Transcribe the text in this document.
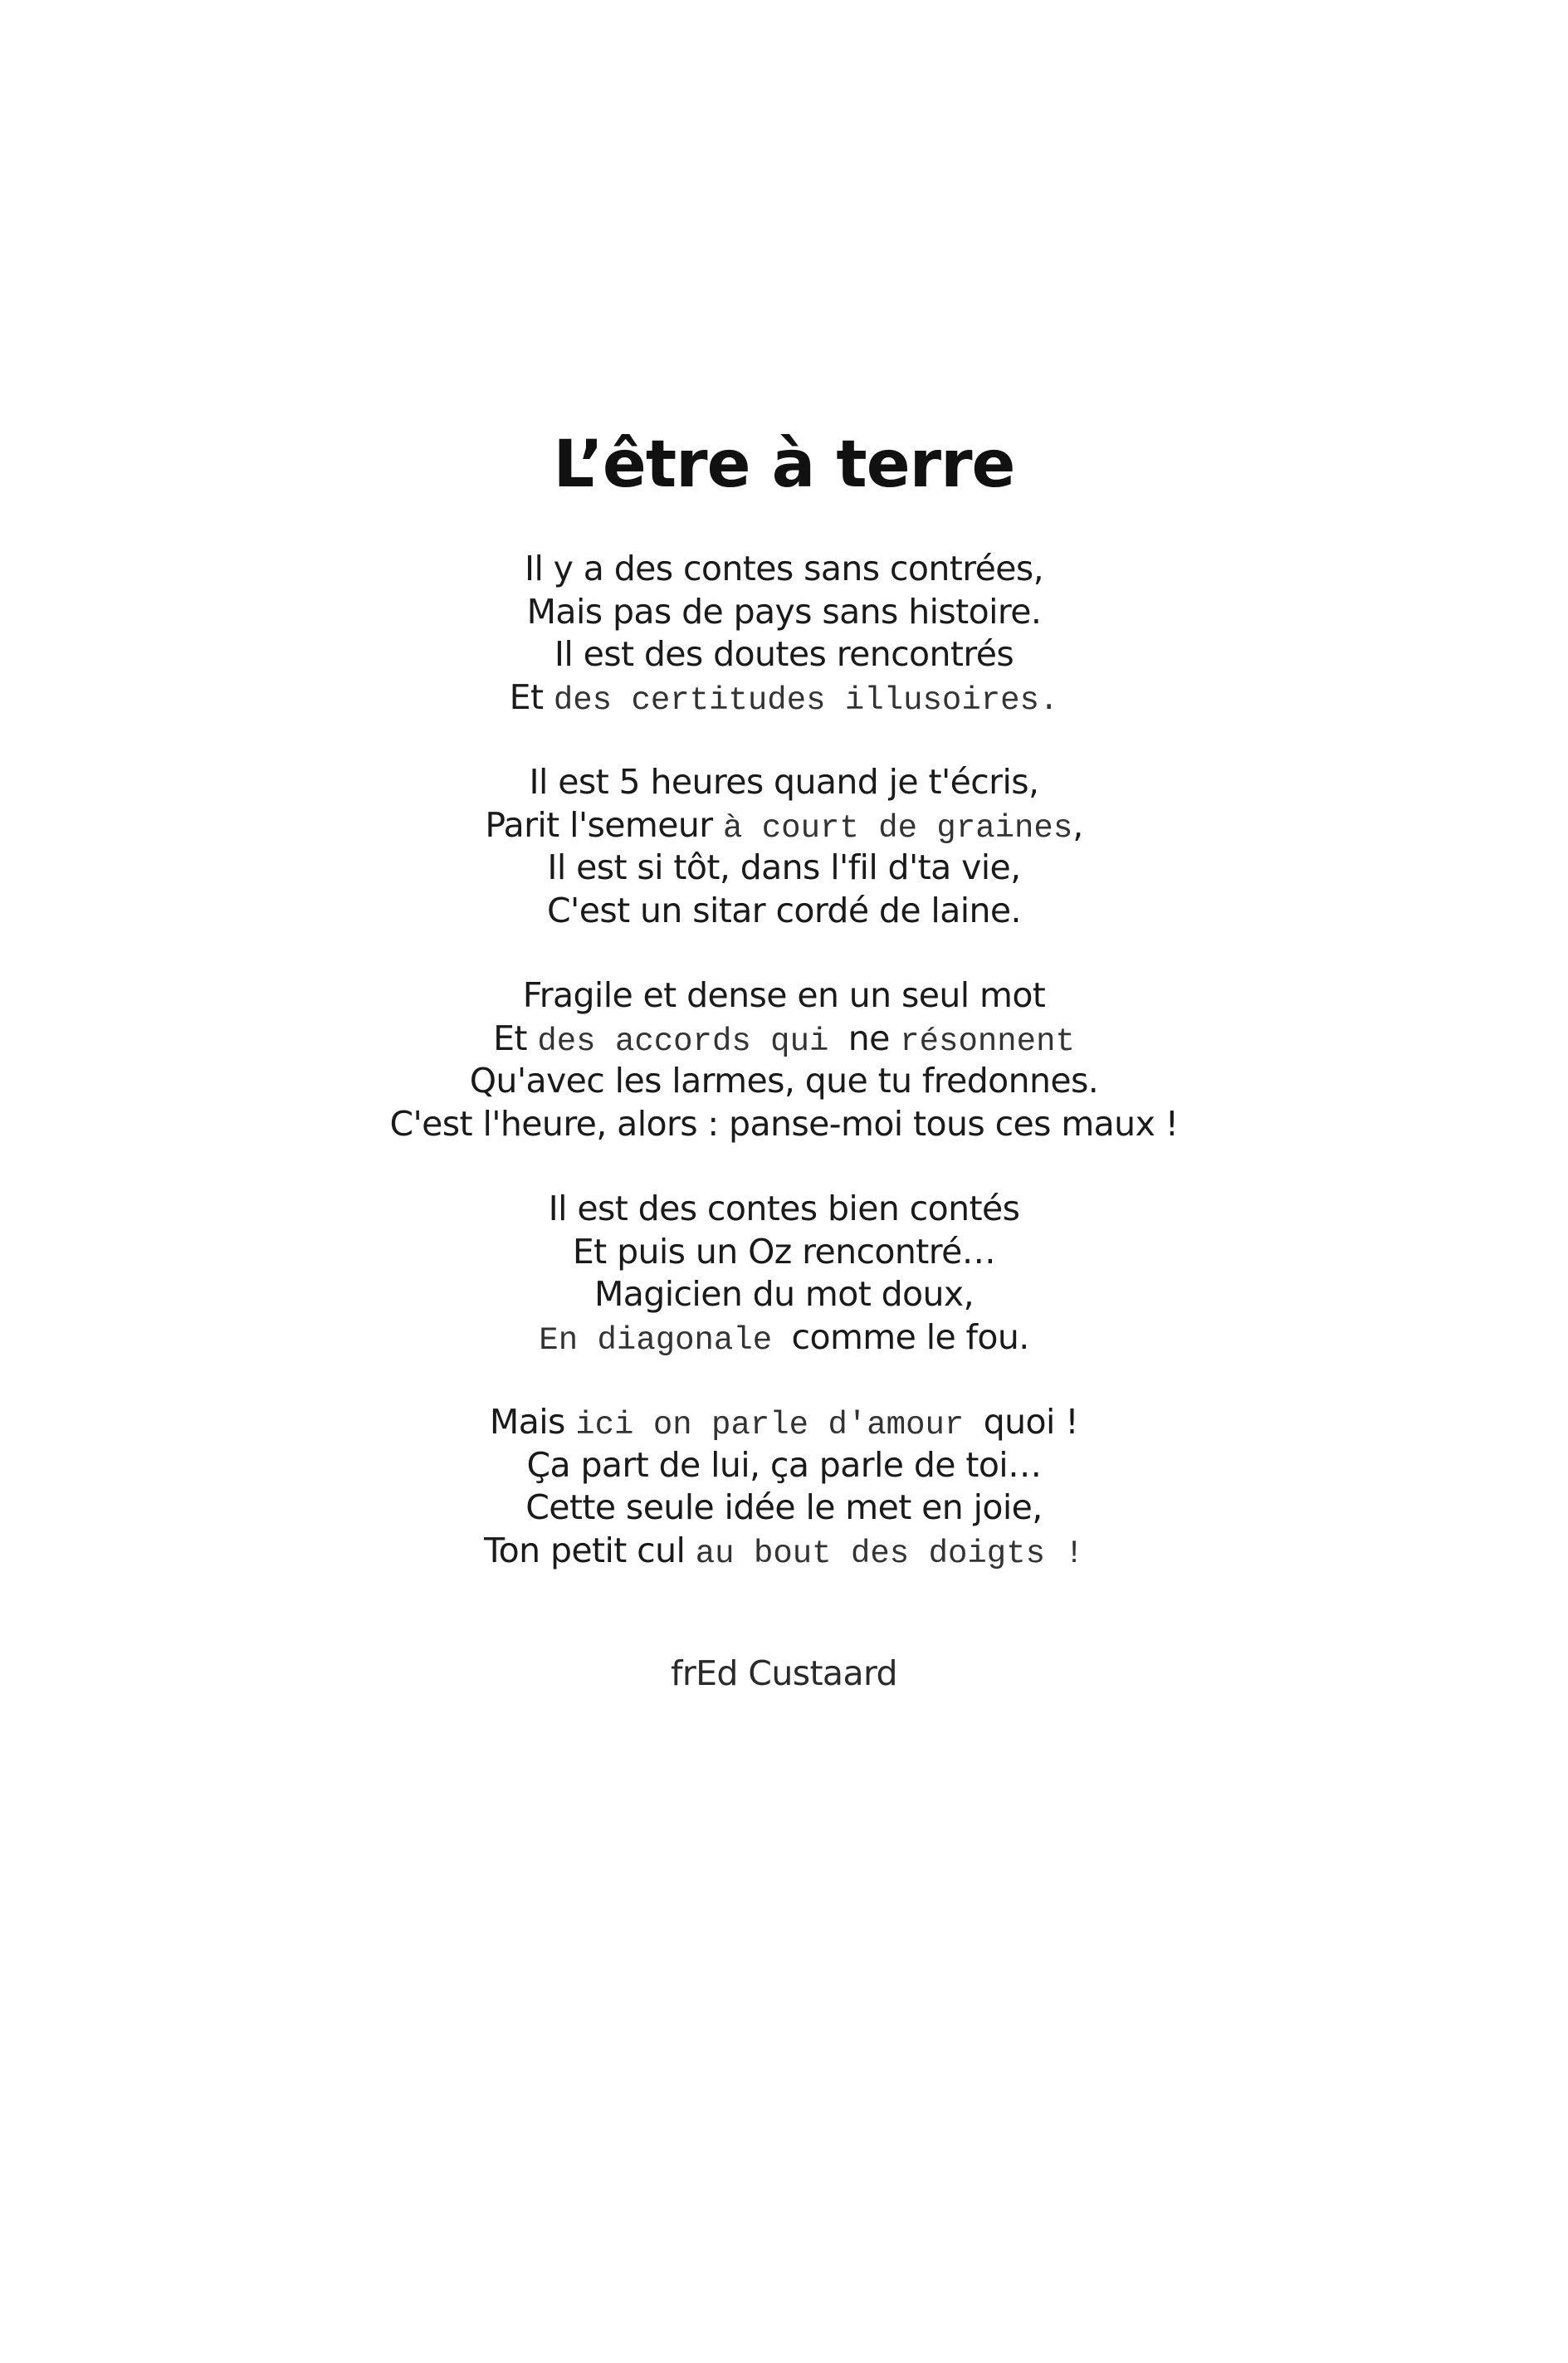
L’être à terre
Il y a des contes sans contrées,
Mais pas de pays sans histoire.
Il est des doutes rencontrés
Et des certitudes illusoires.
Il est 5 heures quand je t'écris,
Parit l'semeur à court de graines,
Il est si tôt, dans l'fil d'ta vie,
C'est un sitar cordé de laine.
Fragile et dense en un seul mot
Et des accords qui ne résonnent
Qu'avec les larmes, que tu fredonnes.
C'est l'heure, alors : panse-moi tous ces maux !
Il est des contes bien contés
Et puis un Oz rencontré…
Magicien du mot doux,
En diagonale comme le fou.
Mais ici on parle d'amour quoi !
Ça part de lui, ça parle de toi…
Cette seule idée le met en joie,
Ton petit cul au bout des doigts !
frEd Custaard
